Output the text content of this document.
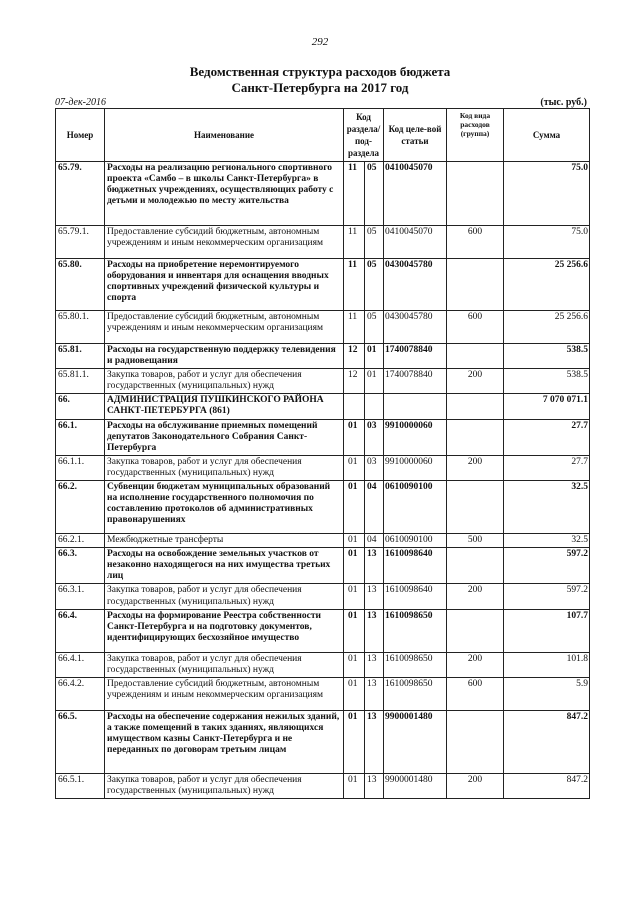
292
Ведомственная структура расходов бюджета
Санкт-Петербурга на 2017 год
07-дек-2016	(тыс. руб.)
Номер	Наименование	Код раздела/ под-раздела		Код целе-вой статьи	Код вида расходов (группа)	Сумма
65.79.	Расходы на реализацию регионального спортивного проекта «Самбо – в школы Санкт-Петербурга» в бюджетных учреждениях, осуществляющих работу с детьми и молодежью по месту жительства	11	05	0410045070		75.0
65.79.1.	Предоставление субсидий бюджетным, автономным учреждениям и иным некоммерческим организациям	11	05	0410045070	600	75.0
65.80.	Расходы на приобретение неремонтируемого оборудования и инвентаря для оснащения вводных спортивных учреждений физической культуры и спорта	11	05	0430045780		25 256.6
65.80.1.	Предоставление субсидий бюджетным, автономным учреждениям и иным некоммерческим организациям	11	05	0430045780	600	25 256.6
65.81.	Расходы на государственную поддержку телевидения и радиовещания	12	01	1740078840		538.5
65.81.1.	Закупка товаров, работ и услуг для обеспечения государственных (муниципальных) нужд	12	01	1740078840	200	538.5
66.	АДМИНИСТРАЦИЯ ПУШКИНСКОГО РАЙОНА САНКТ-ПЕТЕРБУРГА (861)					7 070 071.1
66.1.	Расходы на обслуживание приемных помещений депутатов Законодательного Собрания Санкт-Петербурга	01	03	9910000060		27.7
66.1.1.	Закупка товаров, работ и услуг для обеспечения государственных (муниципальных) нужд	01	03	9910000060	200	27.7
66.2.	Субвенции бюджетам муниципальных образований на исполнение государственного полномочия по составлению протоколов об административных правонарушениях	01	04	0610090100		32.5
66.2.1.	Межбюджетные трансферты	01	04	0610090100	500	32.5
66.3.	Расходы на освобождение земельных участков от незаконно находящегося на них имущества третьих лиц	01	13	1610098640		597.2
66.3.1.	Закупка товаров, работ и услуг для обеспечения государственных (муниципальных) нужд	01	13	1610098640	200	597.2
66.4.	Расходы на формирование Реестра собственности Санкт-Петербурга и на подготовку документов, идентифицирующих бесхозяйное имущество	01	13	1610098650		107.7
66.4.1.	Закупка товаров, работ и услуг для обеспечения государственных (муниципальных) нужд	01	13	1610098650	200	101.8
66.4.2.	Предоставление субсидий бюджетным, автономным учреждениям и иным некоммерческим организациям	01	13	1610098650	600	5.9
66.5.	Расходы на обеспечение содержания нежилых зданий, а также помещений в таких зданиях, являющихся имуществом казны Санкт-Петербурга и не переданных по договорам третьим лицам	01	13	9900001480		847.2
66.5.1.	Закупка товаров, работ и услуг для обеспечения государственных (муниципальных) нужд	01	13	9900001480	200	847.2
